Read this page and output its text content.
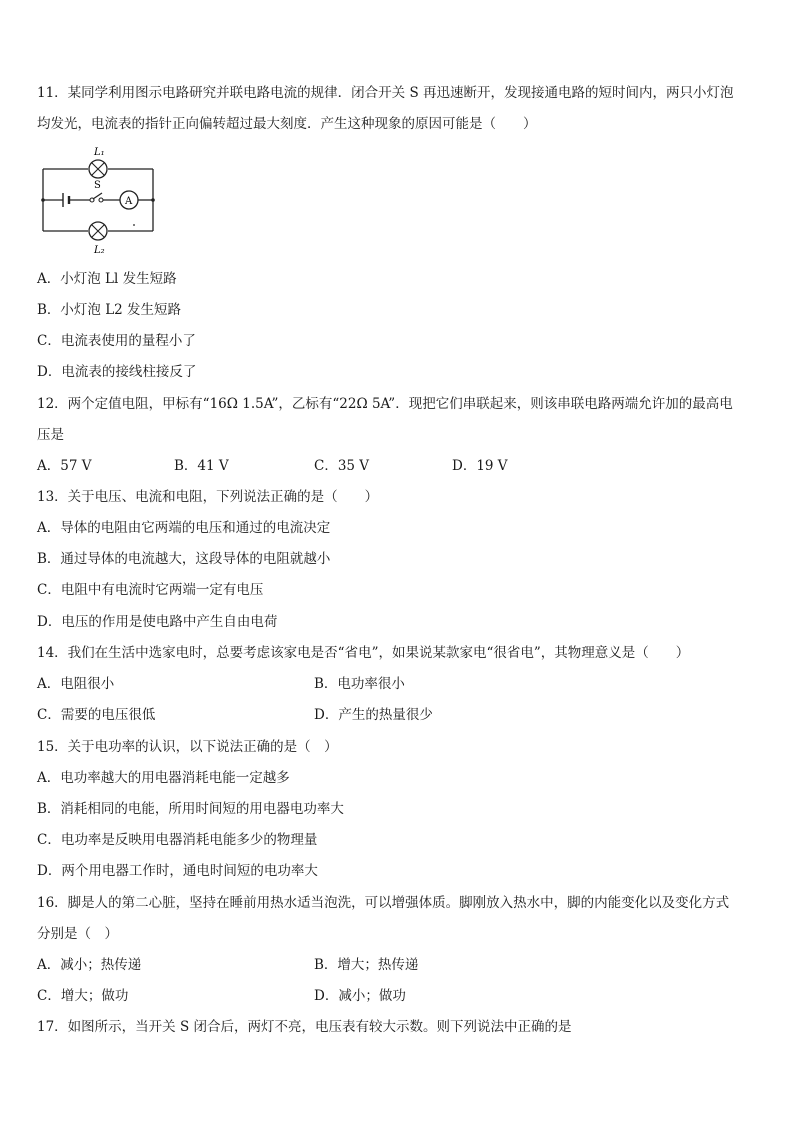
11．某同学利用图示电路研究并联电路电流的规律．闭合开关 S 再迅速断开，发现接通电路的短时间内，两只小灯泡
均发光，电流表的指针正向偏转超过最大刻度．产生这种现象的原因可能是（　　）
L₁
S
A
L₂
A．小灯泡 Ll 发生短路
B．小灯泡 L2 发生短路
C．电流表使用的量程小了
D．电流表的接线柱接反了
12．两个定值电阻，甲标有“16Ω 1.5A”，乙标有“22Ω 5A”．现把它们串联起来，则该串联电路两端允许加的最高电
压是
A．57 V	B．41 V	C．35 V	D．19 V
13．关于电压、电流和电阻，下列说法正确的是（　　）
A．导体的电阻由它两端的电压和通过的电流决定
B．通过导体的电流越大，这段导体的电阻就越小
C．电阻中有电流时它两端一定有电压
D．电压的作用是使电路中产生自由电荷
14．我们在生活中选家电时，总要考虑该家电是否“省电”，如果说某款家电“很省电”，其物理意义是（　　）
A．电阻很小	B．电功率很小
C．需要的电压很低	D．产生的热量很少
15．关于电功率的认识，以下说法正确的是（　）
A．电功率越大的用电器消耗电能一定越多
B．消耗相同的电能，所用时间短的用电器电功率大
C．电功率是反映用电器消耗电能多少的物理量
D．两个用电器工作时，通电时间短的电功率大
16．脚是人的第二心脏，坚持在睡前用热水适当泡洗，可以增强体质。脚刚放入热水中，脚的内能变化以及变化方式
分别是（　）
A．减小；热传递	B．增大；热传递
C．增大；做功	D．减小；做功
17．如图所示，当开关 S 闭合后，两灯不亮，电压表有较大示数。则下列说法中正确的是
